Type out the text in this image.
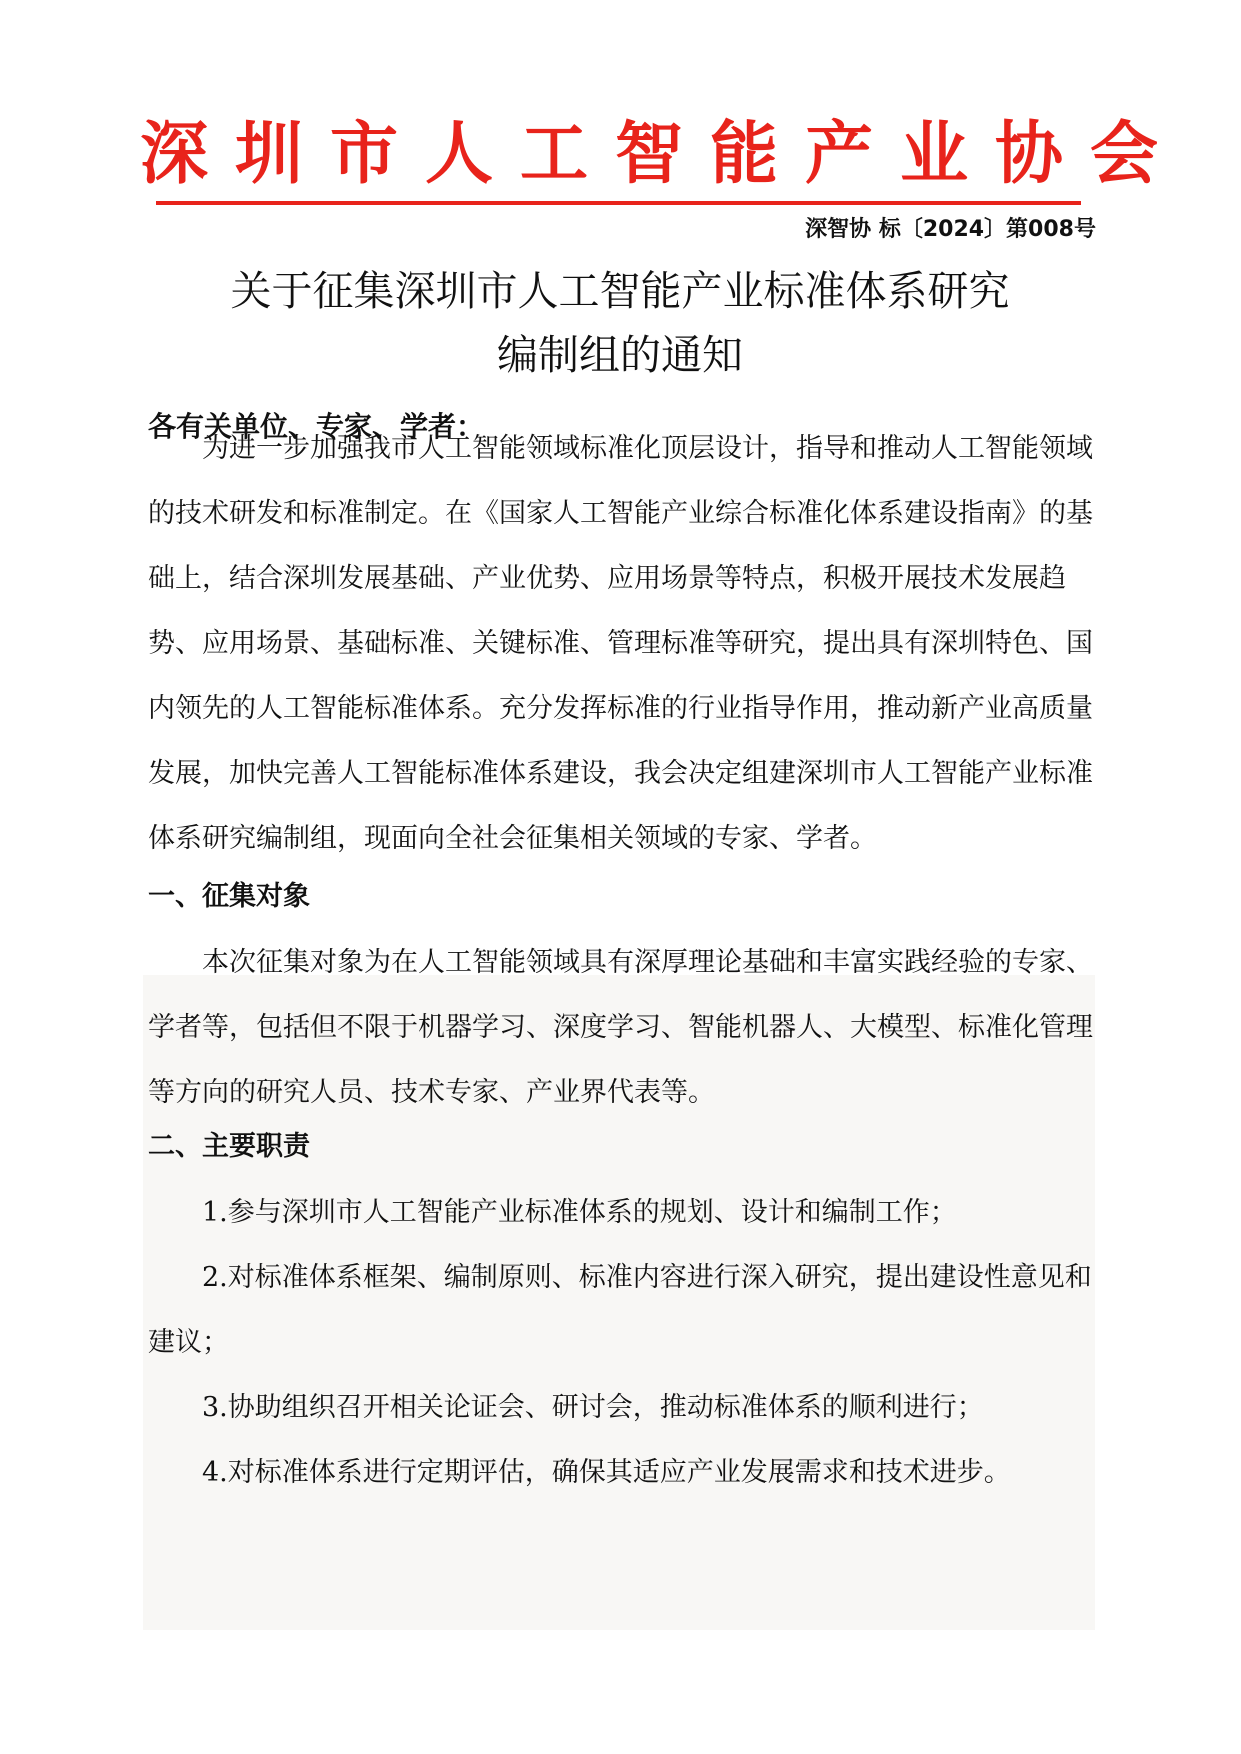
深圳市人工智能产业协会
深智协 标〔2024〕第008号
关于征集深圳市人工智能产业标准体系研究
编制组的通知
各有关单位、专家、学者：

为进一步加强我市人工智能领域标准化顶层设计，指导和推动人工智能领域的技术研发和标准制定。在《国家人工智能产业综合标准化体系建设指南》的基础上，结合深圳发展基础、产业优势、应用场景等特点，积极开展技术发展趋势、应用场景、基础标准、关键标准、管理标准等研究，提出具有深圳特色、国内领先的人工智能标准体系。充分发挥标准的行业指导作用，推动新产业高质量发展，加快完善人工智能标准体系建设，我会决定组建深圳市人工智能产业标准体系研究编制组，现面向全社会征集相关领域的专家、学者。

一、征集对象

本次征集对象为在人工智能领域具有深厚理论基础和丰富实践经验的专家、学者等，包括但不限于机器学习、深度学习、智能机器人、大模型、标准化管理等方向的研究人员、技术专家、产业界代表等。

二、主要职责

1.参与深圳市人工智能产业标准体系的规划、设计和编制工作；

2.对标准体系框架、编制原则、标准内容进行深入研究，提出建设性意见和建议；

3.协助组织召开相关论证会、研讨会，推动标准体系的顺利进行；

4.对标准体系进行定期评估，确保其适应产业发展需求和技术进步。
